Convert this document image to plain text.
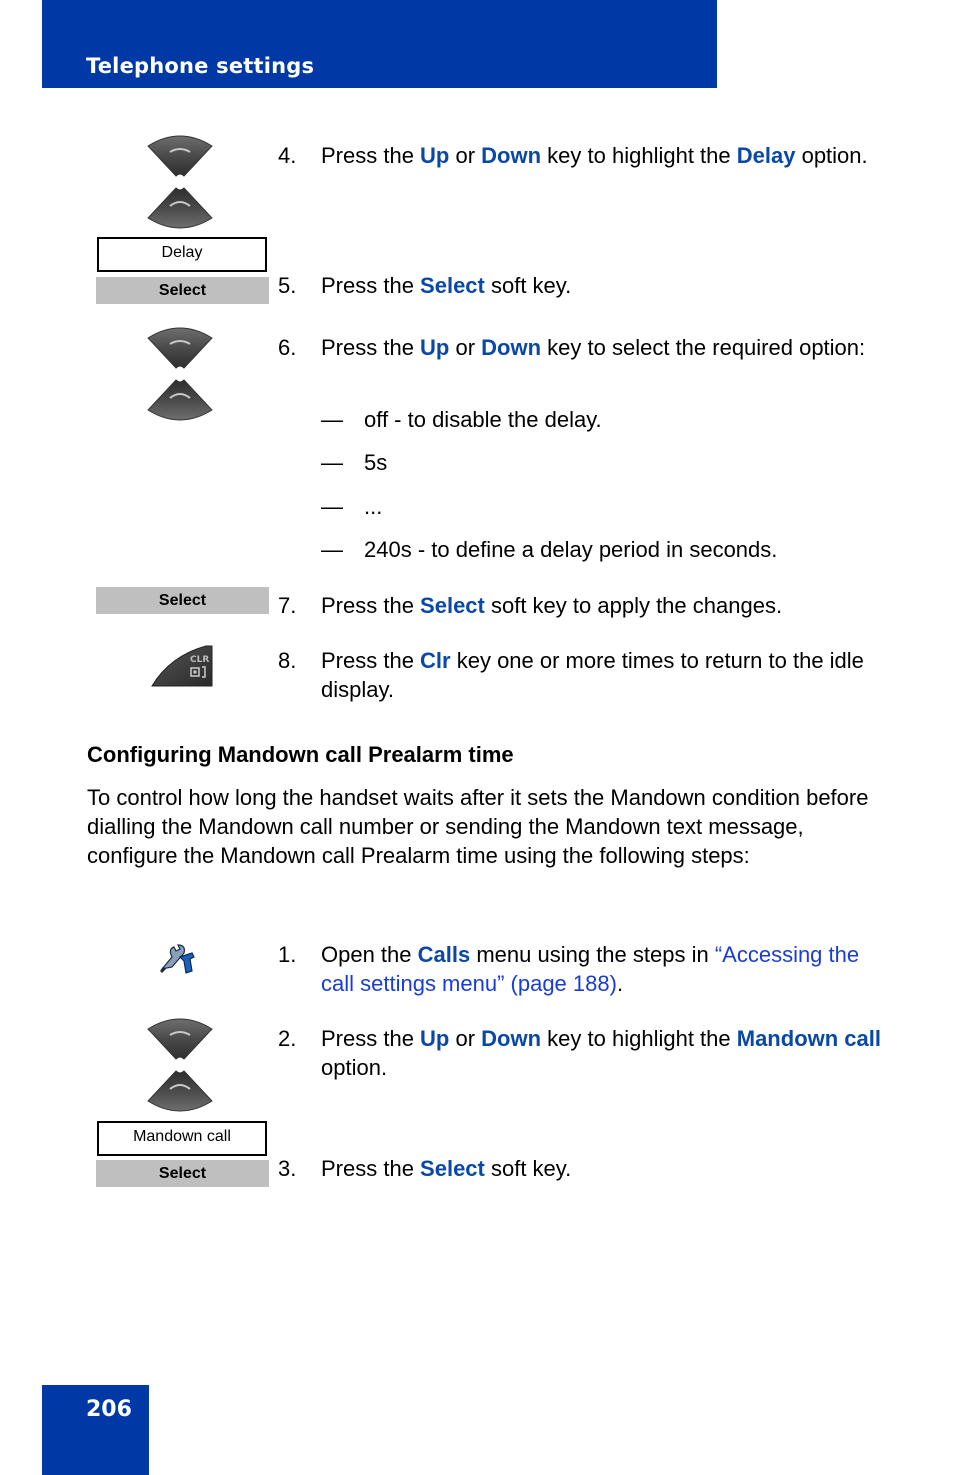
Telephone settings
Delay
Select
Select
CLR
4. Press the Up or Down key to highlight the Delay option.
5. Press the Select soft key.
6. Press the Up or Down key to select the required option:
— off - to disable the delay.
— 5s
— ...
— 240s - to define a delay period in seconds.
7. Press the Select soft key to apply the changes.
8. Press the Clr key one or more times to return to the idle display.
Configuring Mandown call Prealarm time
To control how long the handset waits after it sets the Mandown condition before dialling the Mandown call number or sending the Mandown text message, configure the Mandown call Prealarm time using the following steps:
Mandown call
Select
1. Open the Calls menu using the steps in “Accessing the call settings menu” (page 188).
2. Press the Up or Down key to highlight the Mandown call option.
3. Press the Select soft key.
206
